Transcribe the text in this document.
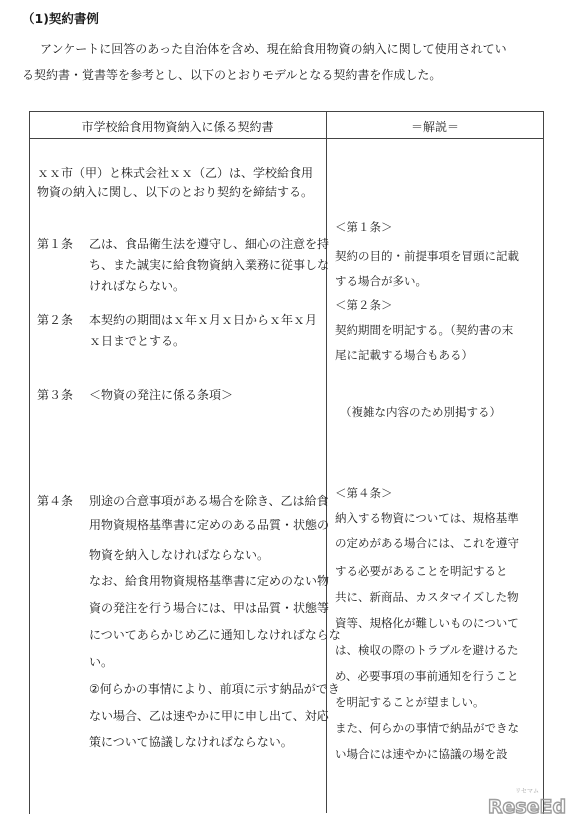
（1)契約書例
アンケートに回答のあった自治体を含め、現在給食用物資の納入に関して使用されてい
る契約書・覚書等を参考とし、以下のとおりモデルとなる契約書を作成した。
市学校給食用物資納入に係る契約書	＝解説＝
ｘｘ市（甲）と株式会社ｘｘ（乙）は、学校給食用
物資の納入に関し、以下のとおり契約を締結する。
第１条 乙は、食品衛生法を遵守し、細心の注意を持
ち、また誠実に給食物資納入業務に従事しな
ければならない。
第２条 本契約の期間はｘ年ｘ月ｘ日からｘ年ｘ月
ｘ日までとする。
第３条 ＜物資の発注に係る条項＞
第４条 別途の合意事項がある場合を除き、乙は給食
用物資規格基準書に定めのある品質・状態の
物資を納入しなければならない。
なお、給食用物資規格基準書に定めのない物
資の発注を行う場合には、甲は品質・状態等
についてあらかじめ乙に通知しなければならな
い。
②何らかの事情により、前項に示す納品ができ
ない場合、乙は速やかに甲に申し出て、対応
策について協議しなければならない。
＜第１条＞
契約の目的・前提事項を冒頭に記載
する場合が多い。
＜第２条＞
契約期間を明記する。（契約書の末
尾に記載する場合もある）
（複雑な内容のため別掲する）
＜第４条＞
納入する物資については、規格基準
の定めがある場合には、これを遵守
する必要があることを明記すると
共に、新商品、カスタマイズした物
資等、規格化が難しいものについて
は、検収の際のトラブルを避けるた
め、必要事項の事前通知を行うこと
を明記することが望ましい。
また、何らかの事情で納品ができな
い場合には速やかに協議の場を設
リセマム
ReseEd
